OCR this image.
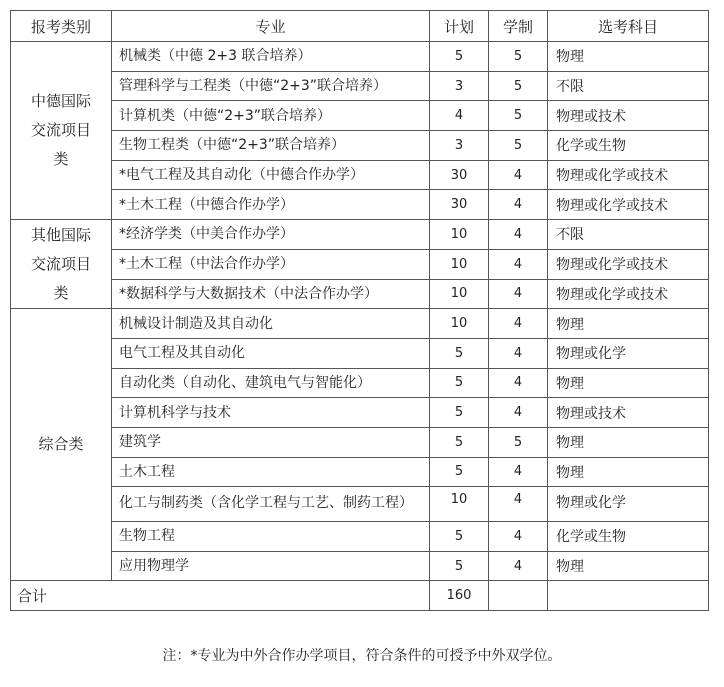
报考类别	专业	计划	学制	选考科目
中德国际交流项目类	机械类（中德 2+3 联合培养）	5	5	物理
	管理科学与工程类（中德“2+3”联合培养）	3	5	不限
	计算机类（中德“2+3”联合培养）	4	5	物理或技术
	生物工程类（中德“2+3”联合培养）	3	5	化学或生物
	*电气工程及其自动化（中德合作办学）	30	4	物理或化学或技术
	*土木工程（中德合作办学）	30	4	物理或化学或技术
其他国际交流项目类	*经济学类（中美合作办学）	10	4	不限
	*土木工程（中法合作办学）	10	4	物理或化学或技术
	*数据科学与大数据技术（中法合作办学）	10	4	物理或化学或技术
综合类	机械设计制造及其自动化	10	4	物理
	电气工程及其自动化	5	4	物理或化学
	自动化类（自动化、建筑电气与智能化）	5	4	物理
	计算机科学与技术	5	4	物理或技术
	建筑学	5	5	物理
	土木工程	5	4	物理
	化工与制药类（含化学工程与工艺、制药工程）	10	4	物理或化学
	生物工程	5	4	化学或生物
	应用物理学	5	4	物理
合计		160		
注：*专业为中外合作办学项目，符合条件的可授予中外双学位。
